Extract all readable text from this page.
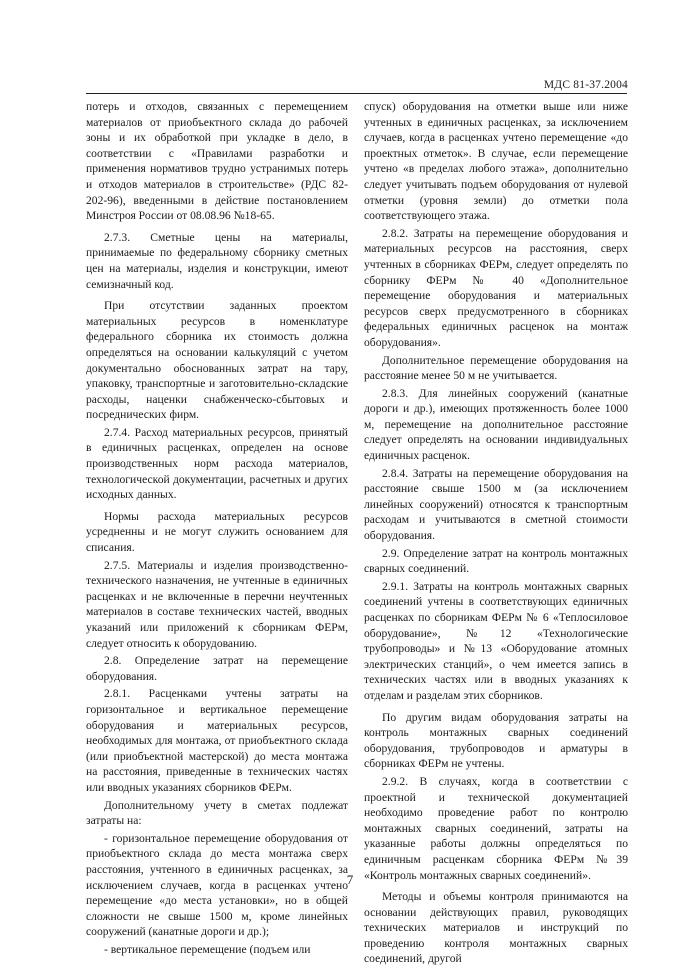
МДС 81-37.2004

потерь и отходов, связанных с перемещением материалов от приобъектного склада до рабочей зоны и их обработкой при укладке в дело, в соответствии с «Правилами разработки и применения нормативов трудно устранимых потерь и отходов материалов в строительстве» (РДС 82-202-96), введенными в действие постановлением Минстроя России от 08.08.96 №18-65.

2.7.3. Сметные цены на материалы, принимаемые по федеральному сборнику сметных цен на материалы, изделия и конструкции, имеют семизначный код.

При отсутствии заданных проектом материальных ресурсов в номенклатуре федерального сборника их стоимость должна определяться на основании калькуляций с учетом документально обоснованных затрат на тару, упаковку, транспортные и заготовительно-складские расходы, наценки снабженческо-сбытовых и посреднических фирм.

2.7.4. Расход материальных ресурсов, принятый в единичных расценках, определен на основе производственных норм расхода материалов, технологической документации, расчетных и других исходных данных.

Нормы расхода материальных ресурсов усредненны и не могут служить основанием для списания.

2.7.5. Материалы и изделия производственно-технического назначения, не учтенные в единичных расценках и не включенные в перечни неучтенных материалов в составе технических частей, вводных указаний или приложений к сборникам ФЕРм, следует относить к оборудованию.

2.8. Определение затрат на перемещение оборудования.

2.8.1. Расценками учтены затраты на горизонтальное и вертикальное перемещение оборудования и материальных ресурсов, необходимых для монтажа, от приобъектного склада (или приобъектной мастерской) до места монтажа на расстояния, приведенные в технических частях или вводных указаниях сборников ФЕРм.

Дополнительному учету в сметах подлежат затраты на:

- горизонтальное перемещение оборудования от приобъектного склада до места монтажа сверх расстояния, учтенного в единичных расценках, за исключением случаев, когда в расценках учтено перемещение «до места установки», но в общей сложности не свыше 1500 м, кроме линейных сооружений (канатные дороги и др.);

- вертикальное перемещение (подъем или

спуск) оборудования на отметки выше или ниже учтенных в единичных расценках, за исключением случаев, когда в расценках учтено перемещение «до проектных отметок». В случае, если перемещение учтено «в пределах любого этажа», дополнительно следует учитывать подъем оборудования от нулевой отметки (уровня земли) до отметки пола соответствующего этажа.

2.8.2. Затраты на перемещение оборудования и материальных ресурсов на расстояния, сверх учтенных в сборниках ФЕРм, следует определять по сборнику ФЕРм № 40 «Дополнительное перемещение оборудования и материальных ресурсов сверх предусмотренного в сборниках федеральных единичных расценок на монтаж оборудования».

Дополнительное перемещение оборудования на расстояние менее 50 м не учитывается.

2.8.3. Для линейных сооружений (канатные дороги и др.), имеющих протяженность более 1000 м, перемещение на дополнительное расстояние следует определять на основании индивидуальных единичных расценок.

2.8.4. Затраты на перемещение оборудования на расстояние свыше 1500 м (за исключением линейных сооружений) относятся к транспортным расходам и учитываются в сметной стоимости оборудования.

2.9. Определение затрат на контроль монтажных сварных соединений.

2.9.1. Затраты на контроль монтажных сварных соединений учтены в соответствующих единичных расценках по сборникам ФЕРм № 6 «Теплосиловое оборудование», №12 «Технологические трубопроводы» и №13 «Оборудование атомных электрических станций», о чем имеется запись в технических частях или в вводных указаниях к отделам и разделам этих сборников.

По другим видам оборудования затраты на контроль монтажных сварных соединений оборудования, трубопроводов и арматуры в сборниках ФЕРм не учтены.

2.9.2. В случаях, когда в соответствии с проектной и технической документацией необходимо проведение работ по контролю монтажных сварных соединений, затраты на указанные работы должны определяться по единичным расценкам сборника ФЕРм №39 «Контроль монтажных сварных соединений».

Методы и объемы контроля принимаются на основании действующих правил, руководящих технических материалов и инструкций по проведению контроля монтажных сварных соединений, другой

7
